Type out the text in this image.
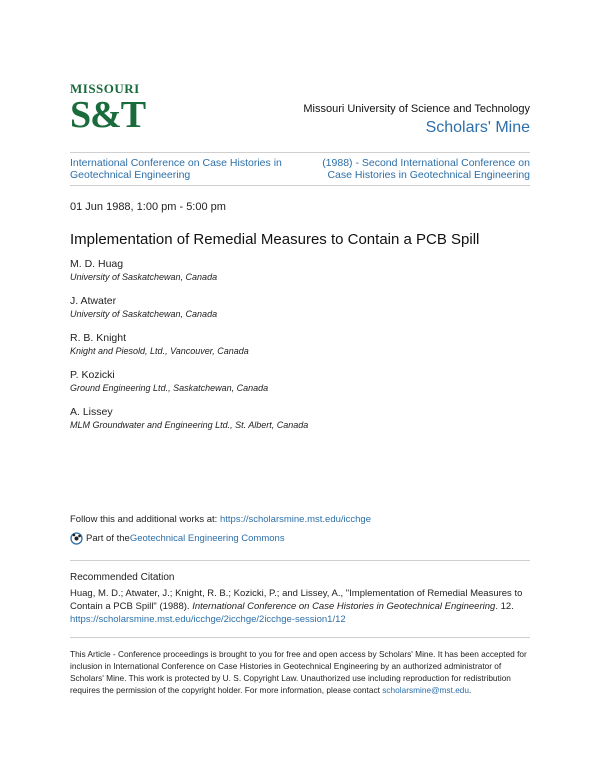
MISSOURI
S&T	Missouri University of Science and Technology
Scholars' Mine
International Conference on Case Histories in Geotechnical Engineering
(1988) - Second International Conference on Case Histories in Geotechnical Engineering
01 Jun 1988, 1:00 pm - 5:00 pm
Implementation of Remedial Measures to Contain a PCB Spill
M. D. Huag
University of Saskatchewan, Canada
J. Atwater
University of Saskatchewan, Canada
R. B. Knight
Knight and Piesold, Ltd., Vancouver, Canada
P. Kozicki
Ground Engineering Ltd., Saskatchewan, Canada
A. Lissey
MLM Groundwater and Engineering Ltd., St. Albert, Canada
Follow this and additional works at: https://scholarsmine.mst.edu/icchge
Part of the Geotechnical Engineering Commons
Recommended Citation
Huag, M. D.; Atwater, J.; Knight, R. B.; Kozicki, P.; and Lissey, A., "Implementation of Remedial Measures to Contain a PCB Spill" (1988). International Conference on Case Histories in Geotechnical Engineering. 12.
https://scholarsmine.mst.edu/icchge/2icchge/2icchge-session1/12
This Article - Conference proceedings is brought to you for free and open access by Scholars' Mine. It has been accepted for inclusion in International Conference on Case Histories in Geotechnical Engineering by an authorized administrator of Scholars' Mine. This work is protected by U. S. Copyright Law. Unauthorized use including reproduction for redistribution requires the permission of the copyright holder. For more information, please contact scholarsmine@mst.edu.
